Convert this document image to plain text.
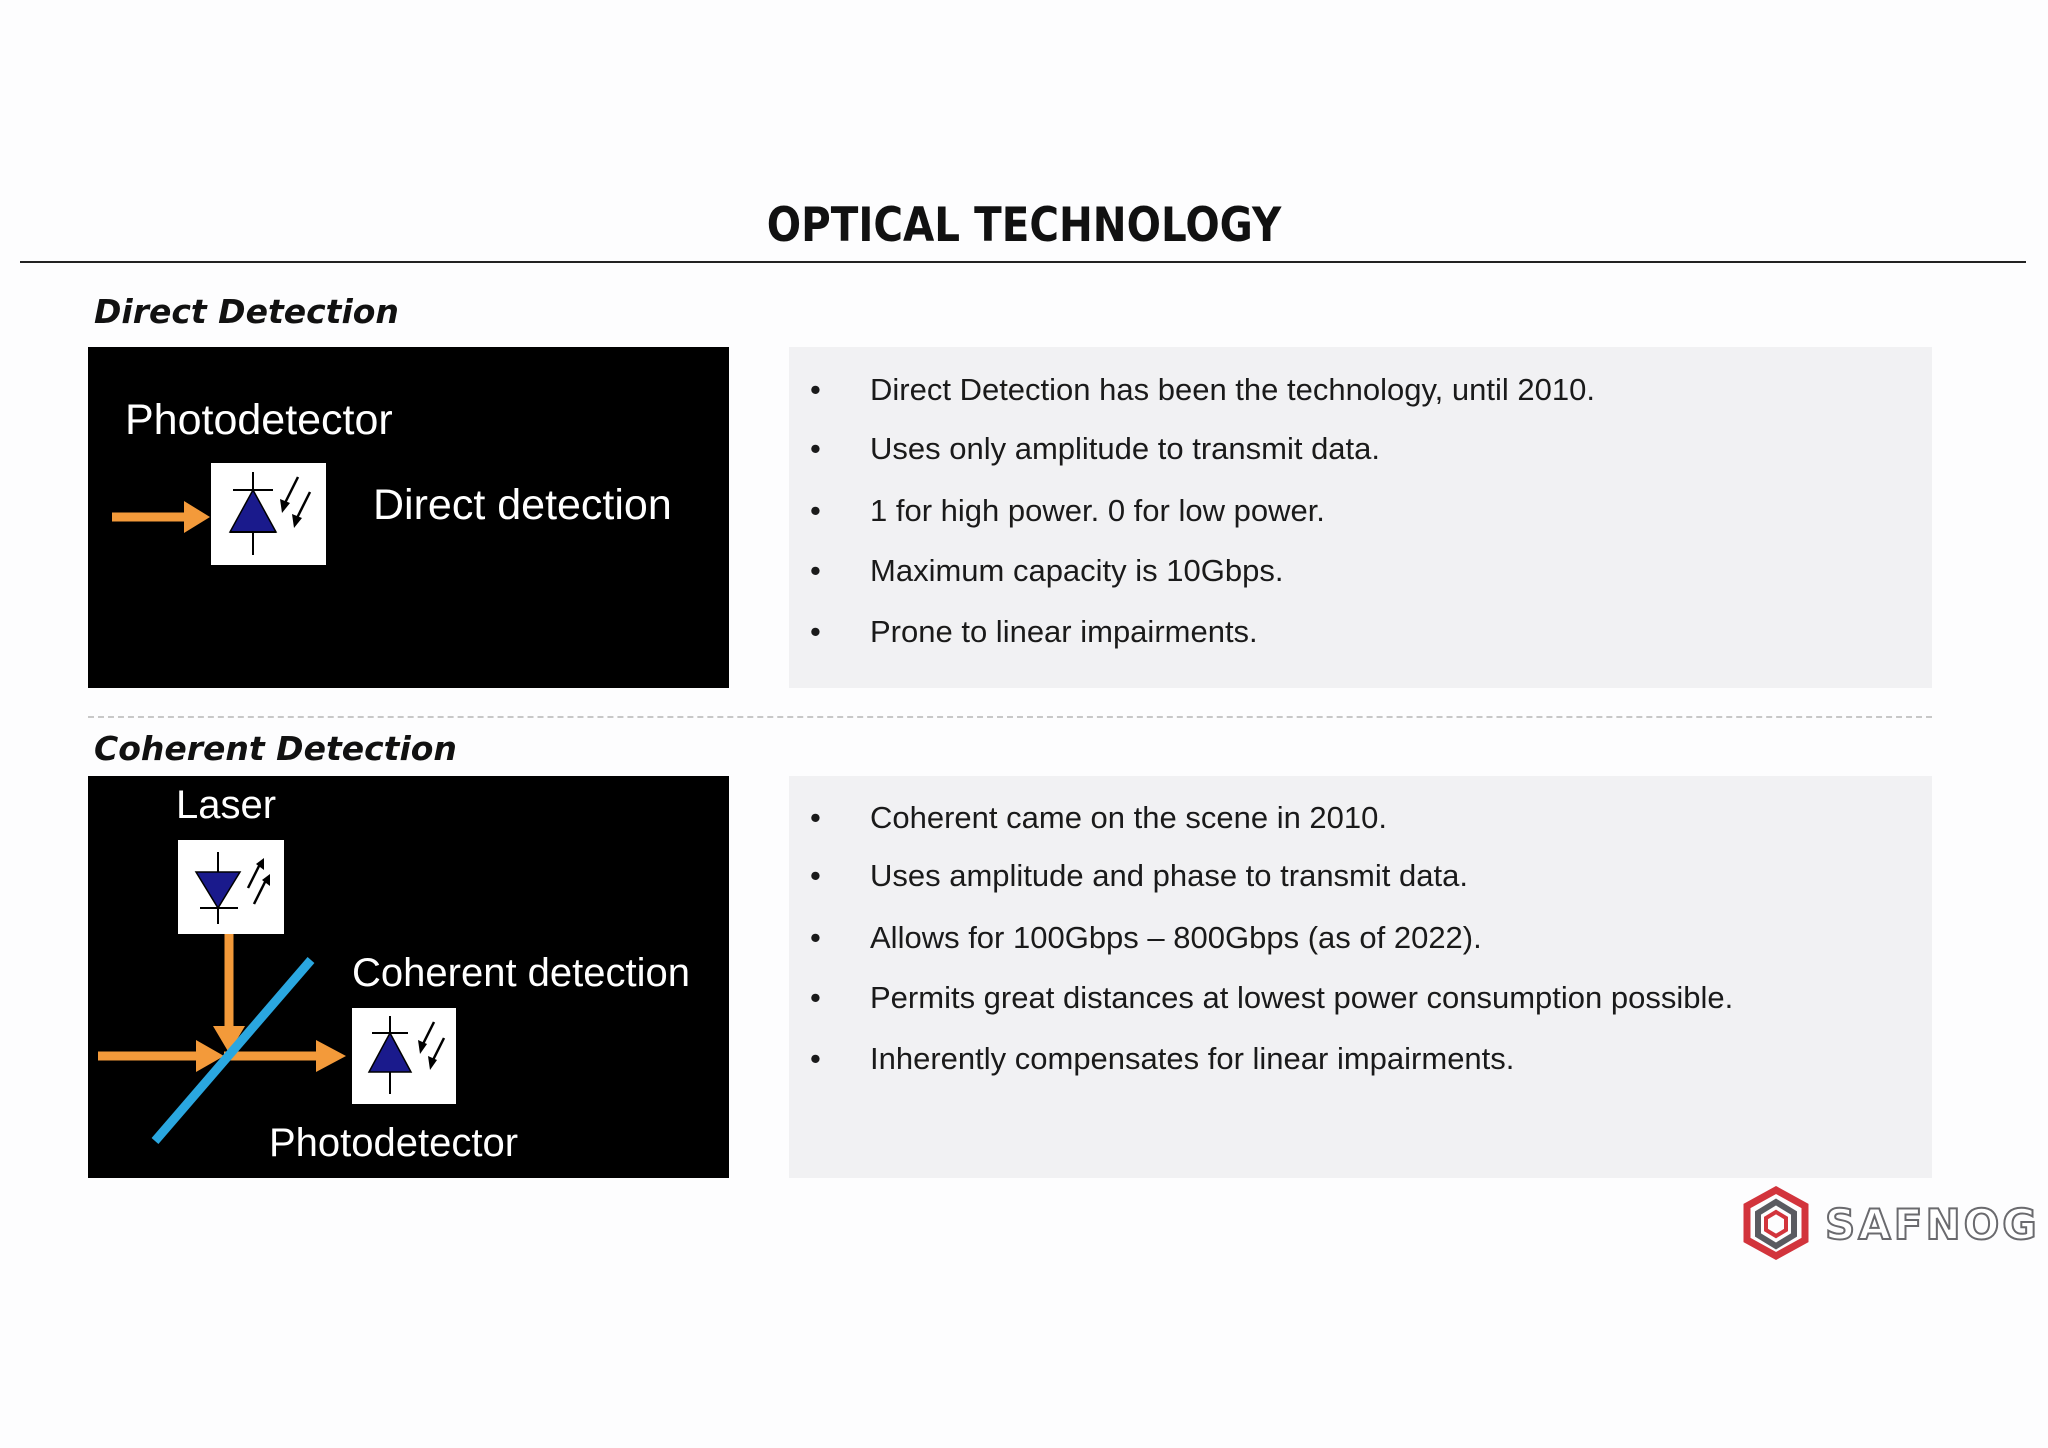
OPTICAL TECHNOLOGY
Direct Detection
Photodetector
Direct detection
• Direct Detection has been the technology, until 2010.
• Uses only amplitude to transmit data.
• 1 for high power. 0 for low power.
• Maximum capacity is 10Gbps.
• Prone to linear impairments.
Coherent Detection
Laser
Coherent detection
Photodetector
• Coherent came on the scene in 2010.
• Uses amplitude and phase to transmit data.
• Allows for 100Gbps – 800Gbps (as of 2022).
• Permits great distances at lowest power consumption possible.
• Inherently compensates for linear impairments.
SAFNOG
